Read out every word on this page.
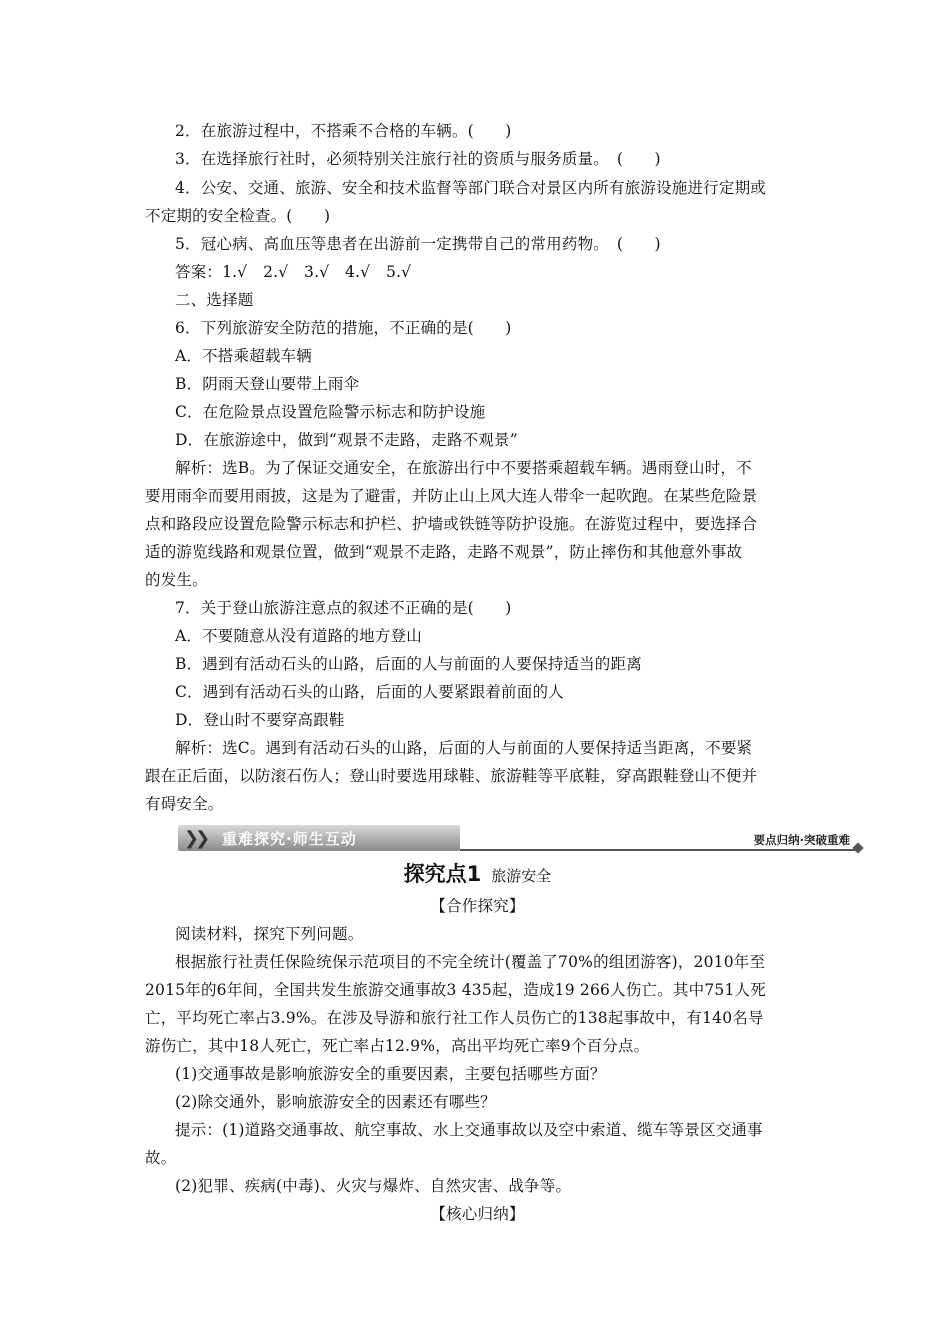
2．在旅游过程中，不搭乘不合格的车辆。(　　)
3．在选择旅行社时，必须特别关注旅行社的资质与服务质量。　(　　)
4．公安、交通、旅游、安全和技术监督等部门联合对景区内所有旅游设施进行定期或
不定期的安全检查。(　　)
5．冠心病、高血压等患者在出游前一定携带自己的常用药物。　(　　)
答案：1.√　2.√　3.√　4.√　5.√
二、选择题
6．下列旅游安全防范的措施，不正确的是(　　)
A．不搭乘超载车辆
B．阴雨天登山要带上雨伞
C．在危险景点设置危险警示标志和防护设施
D．在旅游途中，做到“观景不走路，走路不观景”
解析：选B。为了保证交通安全，在旅游出行中不要搭乘超载车辆。遇雨登山时，不
要用雨伞而要用雨披，这是为了避雷，并防止山上风大连人带伞一起吹跑。在某些危险景
点和路段应设置危险警示标志和护栏、护墙或铁链等防护设施。在游览过程中，要选择合
适的游览线路和观景位置，做到“观景不走路，走路不观景”，防止摔伤和其他意外事故
的发生。
7．关于登山旅游注意点的叙述不正确的是(　　)
A．不要随意从没有道路的地方登山
B．遇到有活动石头的山路，后面的人与前面的人要保持适当的距离
C．遇到有活动石头的山路，后面的人要紧跟着前面的人
D．登山时不要穿高跟鞋
解析：选C。遇到有活动石头的山路，后面的人与前面的人要保持适当距离，不要紧
跟在正后面，以防滚石伤人；登山时要选用球鞋、旅游鞋等平底鞋，穿高跟鞋登山不便并
有碍安全。
❯❯ 重难探究·师生互动	要点归纳·突破重难
探究点1 旅游安全
【合作探究】
阅读材料，探究下列问题。
根据旅行社责任保险统保示范项目的不完全统计(覆盖了70%的组团游客)，2010年至
2015年的6年间，全国共发生旅游交通事故3 435起，造成19 266人伤亡。其中751人死
亡，平均死亡率占3.9%。在涉及导游和旅行社工作人员伤亡的138起事故中，有140名导
游伤亡，其中18人死亡，死亡率占12.9%，高出平均死亡率9个百分点。
(1)交通事故是影响旅游安全的重要因素，主要包括哪些方面？
(2)除交通外，影响旅游安全的因素还有哪些？
提示：(1)道路交通事故、航空事故、水上交通事故以及空中索道、缆车等景区交通事
故。
(2)犯罪、疾病(中毒)、火灾与爆炸、自然灾害、战争等。
【核心归纳】
